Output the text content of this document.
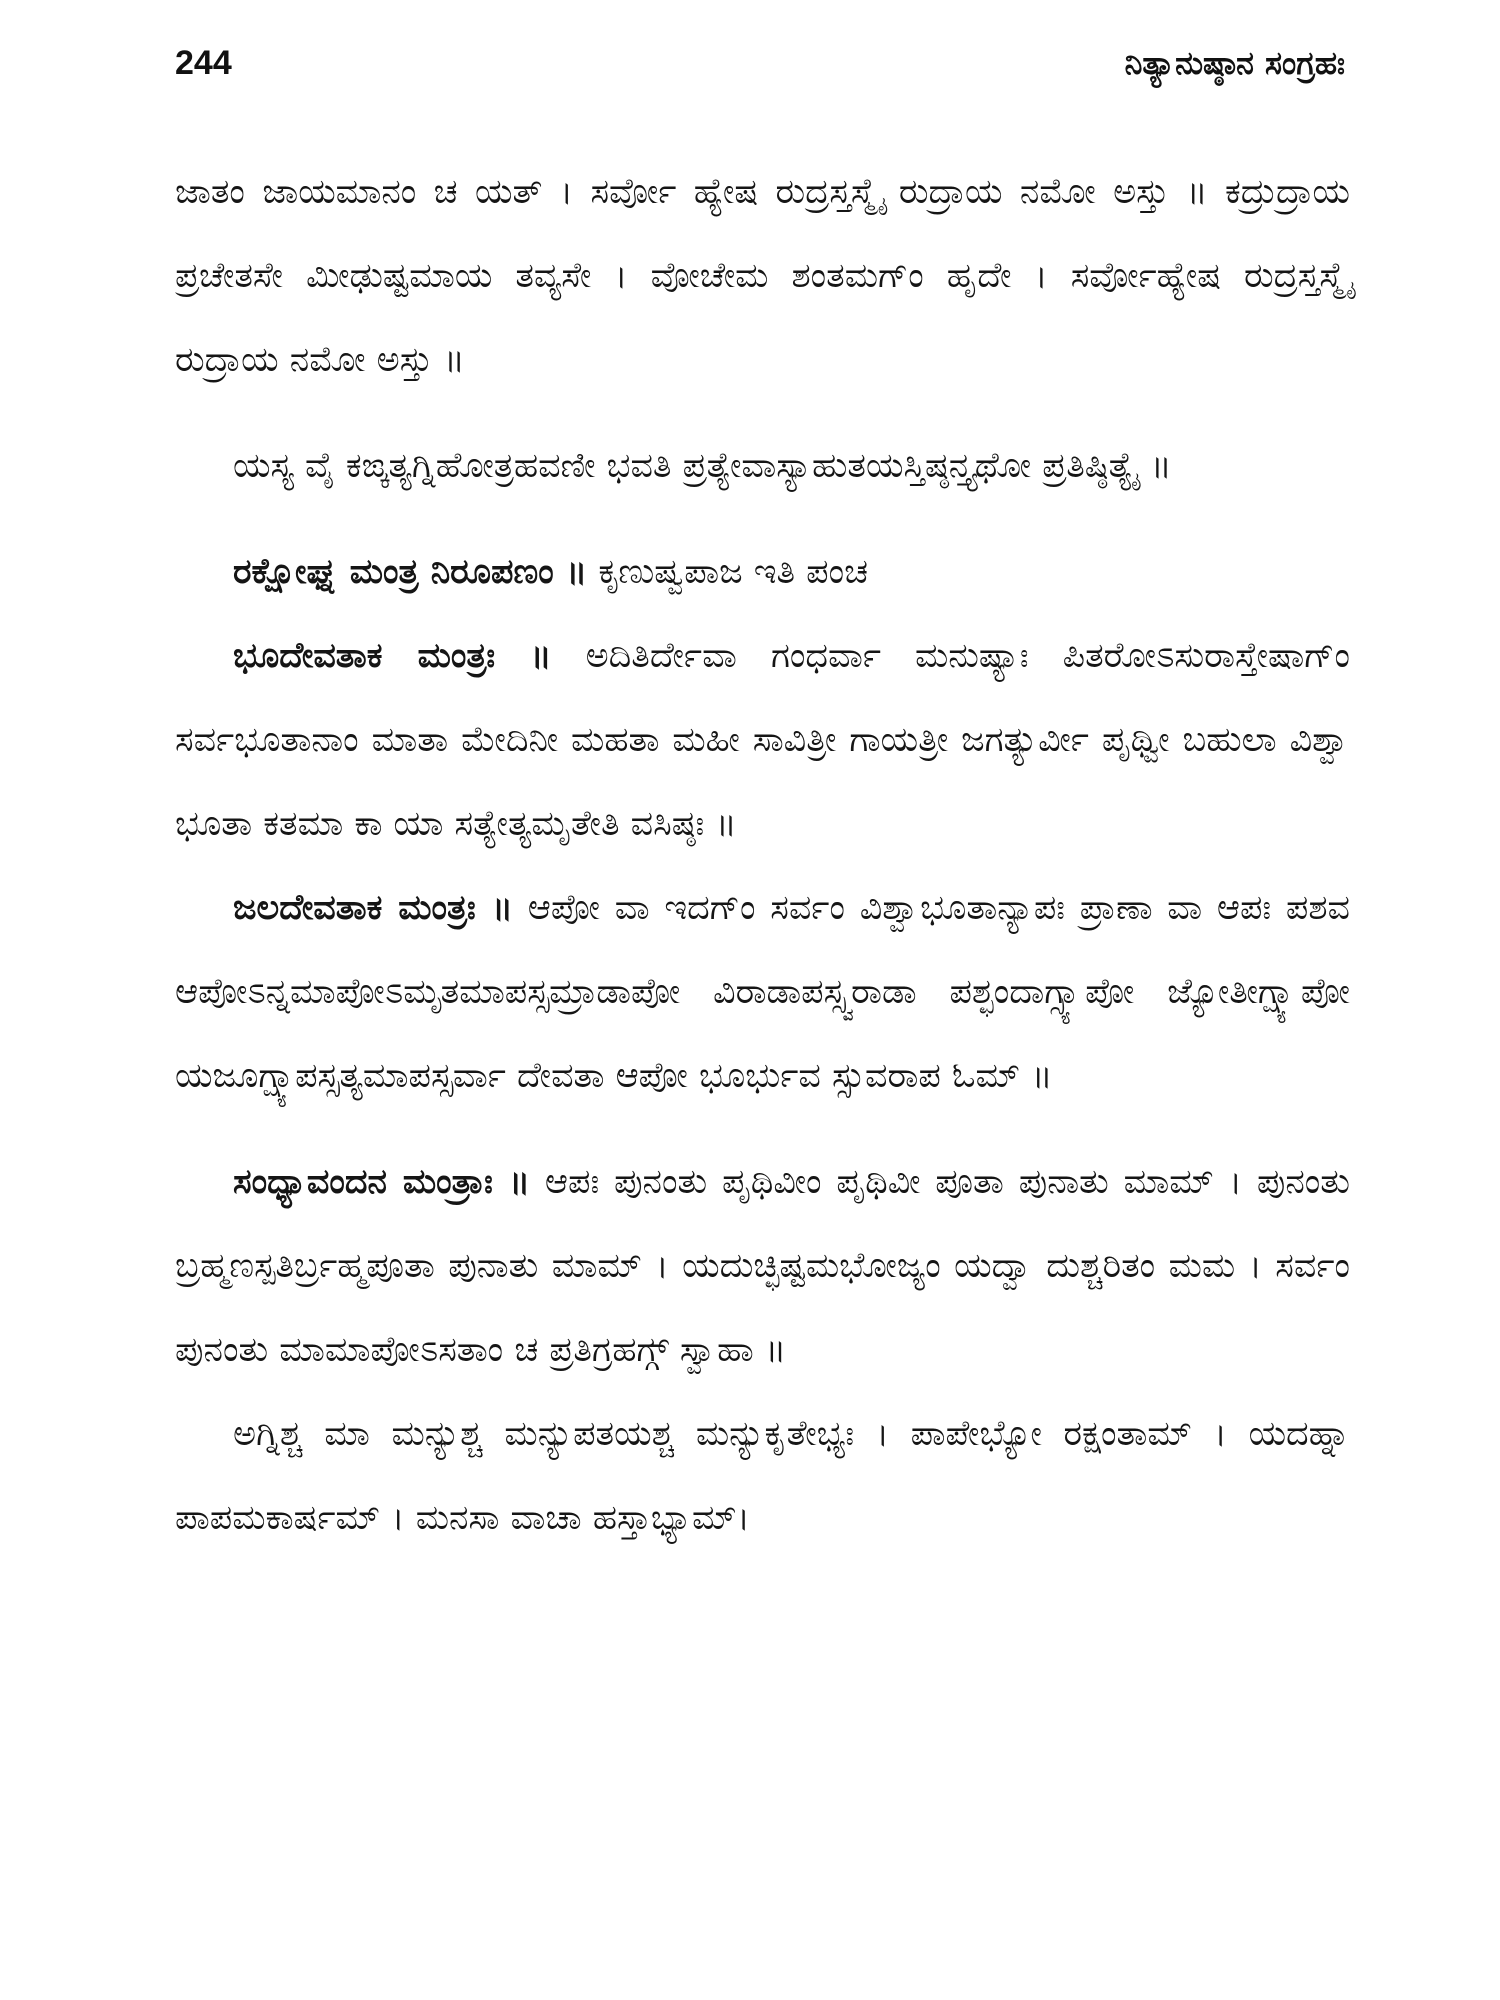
244	ನಿತ್ಯಾನುಷ್ಠಾನ ಸಂಗ್ರಹಃ

ಜಾತಂ ಜಾಯಮಾನಂ ಚ ಯತ್ । ಸರ್ವೋ ಹ್ಯೇಷ ರುದ್ರಸ್ತಸ್ಮೈ ರುದ್ರಾಯ ನಮೋ ಅಸ್ತು ॥ ಕದ್ರುದ್ರಾಯ ಪ್ರಚೇತಸೇ ಮೀಢುಷ್ಟಮಾಯ ತವ್ಯಸೇ । ವೋಚೇಮ ಶಂತಮಗ್ಂ ಹೃದೇ । ಸರ್ವೋಹ್ಯೇಷ ರುದ್ರಸ್ತಸ್ಮೈ ರುದ್ರಾಯ ನಮೋ ಅಸ್ತು ॥

ಯಸ್ಯ ವೈ ಕಙ್ಕತ್ಯಗ್ನಿಹೋತ್ರಹವಣೀ ಭವತಿ ಪ್ರತ್ಯೇವಾಸ್ಯಾಹುತಯಸ್ತಿಷ್ಠನ್ತ್ಯಥೋ ಪ್ರತಿಷ್ಠಿತ್ಯೈ ॥

ರಕ್ಷೋಘ್ನ ಮಂತ್ರ ನಿರೂಪಣಂ ॥ ಕೃಣುಷ್ವಪಾಜ ಇತಿ ಪಂಚ

ಭೂದೇವತಾಕ ಮಂತ್ರಃ ॥ ಅದಿತಿರ್ದೇವಾ ಗಂಧರ್ವಾ ಮನುಷ್ಯಾಃ ಪಿತರೋಽಸುರಾಸ್ತೇಷಾಗ್ಂ ಸರ್ವಭೂತಾನಾಂ ಮಾತಾ ಮೇದಿನೀ ಮಹತಾ ಮಹೀ ಸಾವಿತ್ರೀ ಗಾಯತ್ರೀ ಜಗತ್ಯುರ್ವೀ ಪೃಥ್ವೀ ಬಹುಲಾ ವಿಶ್ವಾ ಭೂತಾ ಕತಮಾ ಕಾ ಯಾ ಸತ್ಯೇತ್ಯಮೃತೇತಿ ವಸಿಷ್ಠಃ ॥

ಜಲದೇವತಾಕ ಮಂತ್ರಃ ॥ ಆಪೋ ವಾ ಇದಗ್ಂ ಸರ್ವಂ ವಿಶ್ವಾಭೂತಾನ್ಯಾಪಃ ಪ್ರಾಣಾ ವಾ ಆಪಃ ಪಶವ ಆಪೋಽನ್ನಮಾಪೋಽಮೃತಮಾಪಸ್ಸಮ್ರಾಡಾಪೋ ವಿರಾಡಾಪಸ್ಸ್ವರಾಡಾ ಪಶ್ಛಂದಾಗ್ಸ್ಯಾಪೋ ಜ್ಯೋತೀಗ್ಷ್ಯಾಪೋ ಯಜೂಗ್ಷ್ಯಾಪಸ್ಸತ್ಯಮಾಪಸ್ಸರ್ವಾ ದೇವತಾ ಆಪೋ ಭೂರ್ಭುವ ಸ್ಸುವರಾಪ ಓಮ್ ॥

ಸಂಧ್ಯಾವಂದನ ಮಂತ್ರಾಃ ॥ ಆಪಃ ಪುನಂತು ಪೃಥಿವೀಂ ಪೃಥಿವೀ ಪೂತಾ ಪುನಾತು ಮಾಮ್ । ಪುನಂತು ಬ್ರಹ್ಮಣಸ್ಪತಿರ್ಬ್ರಹ್ಮಪೂತಾ ಪುನಾತು ಮಾಮ್ । ಯದುಚ್ಛಿಷ್ಟಮಭೋಜ್ಯಂ ಯದ್ವಾ ದುಶ್ಚರಿತಂ ಮಮ । ಸರ್ವಂ ಪುನಂತು ಮಾಮಾಪೋಽಸತಾಂ ಚ ಪ್ರತಿಗ್ರಹಗ್ಗ್ ಸ್ವಾಹಾ ॥

ಅಗ್ನಿಶ್ಚ ಮಾ ಮನ್ಯುಶ್ಚ ಮನ್ಯುಪತಯಶ್ಚ ಮನ್ಯುಕೃತೇಭ್ಯಃ । ಪಾಪೇಭ್ಯೋ ರಕ್ಷಂತಾಮ್ । ಯದಹ್ನಾ ಪಾಪಮಕಾರ್ಷಮ್ । ಮನಸಾ ವಾಚಾ ಹಸ್ತಾಭ್ಯಾಮ್।
